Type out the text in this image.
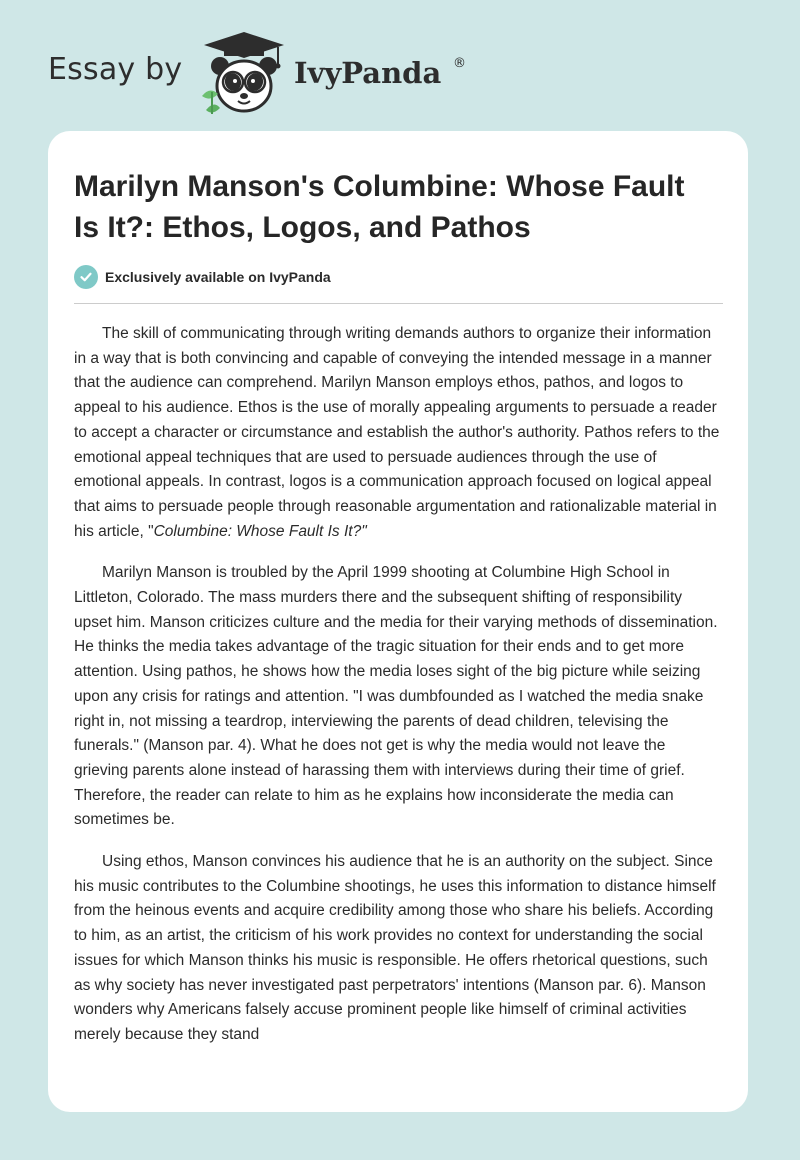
Essay by	IvyPanda ®
Marilyn Manson's Columbine: Whose Fault Is It?: Ethos, Logos, and Pathos
Exclusively available on IvyPanda

The skill of communicating through writing demands authors to organize their information in a way that is both convincing and capable of conveying the intended message in a manner that the audience can comprehend. Marilyn Manson employs ethos, pathos, and logos to appeal to his audience. Ethos is the use of morally appealing arguments to persuade a reader to accept a character or circumstance and establish the author's authority. Pathos refers to the emotional appeal techniques that are used to persuade audiences through the use of emotional appeals. In contrast, logos is a communication approach focused on logical appeal that aims to persuade people through reasonable argumentation and rationalizable material in his article, "Columbine: Whose Fault Is It?"

Marilyn Manson is troubled by the April 1999 shooting at Columbine High School in Littleton, Colorado. The mass murders there and the subsequent shifting of responsibility upset him. Manson criticizes culture and the media for their varying methods of dissemination. He thinks the media takes advantage of the tragic situation for their ends and to get more attention. Using pathos, he shows how the media loses sight of the big picture while seizing upon any crisis for ratings and attention. "I was dumbfounded as I watched the media snake right in, not missing a teardrop, interviewing the parents of dead children, televising the funerals." (Manson par. 4). What he does not get is why the media would not leave the grieving parents alone instead of harassing them with interviews during their time of grief. Therefore, the reader can relate to him as he explains how inconsiderate the media can sometimes be.

Using ethos, Manson convinces his audience that he is an authority on the subject. Since his music contributes to the Columbine shootings, he uses this information to distance himself from the heinous events and acquire credibility among those who share his beliefs. According to him, as an artist, the criticism of his work provides no context for understanding the social issues for which Manson thinks his music is responsible. He offers rhetorical questions, such as why society has never investigated past perpetrators' intentions (Manson par. 6). Manson wonders why Americans falsely accuse prominent people like himself of criminal activities merely because they stand
